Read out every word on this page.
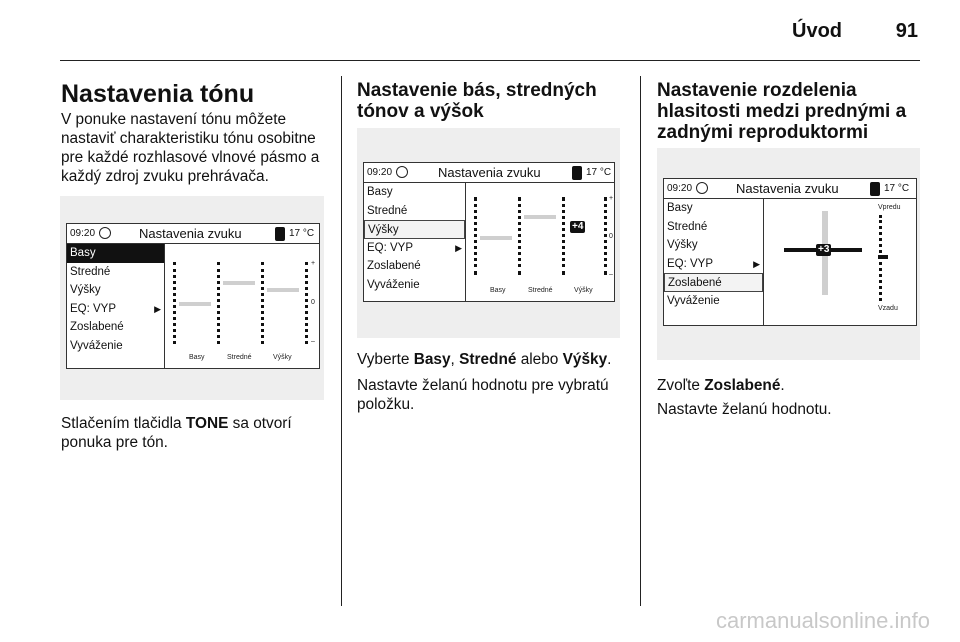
Úvod	91
Nastavenia tónu
V ponuke nastavení tónu môžete nastaviť charakteristiku tónu osobitne pre každé rozhlasové vlnové pásmo a každý zdroj zvuku prehrávača.
09:20	Nastavenia zvuku	17 °C
Basy
Stredné
Výšky
EQ: VYP	▶
Zoslabené
Vyváženie
+
0
–
Basy	Stredné	Výšky
Stlačením tlačidla TONE sa otvorí ponuka pre tón.
Nastavenie bás, stredných tónov a výšok
09:20	Nastavenia zvuku	17 °C
Basy
Stredné
Výšky
EQ: VYP	▶
Zoslabené
Vyváženie
+4
+
0
–
Basy	Stredné	Výšky
Vyberte Basy, Stredné alebo Výšky.
Nastavte želanú hodnotu pre vybratú položku.
Nastavenie rozdelenia hlasitosti medzi prednými a zadnými reproduktormi
09:20	Nastavenia zvuku	17 °C
Basy
Stredné
Výšky
EQ: VYP	▶
Zoslabené
Vyváženie
+3
Vpredu
Vzadu
Zvoľte Zoslabené.
Nastavte želanú hodnotu.
carmanualsonline.info
